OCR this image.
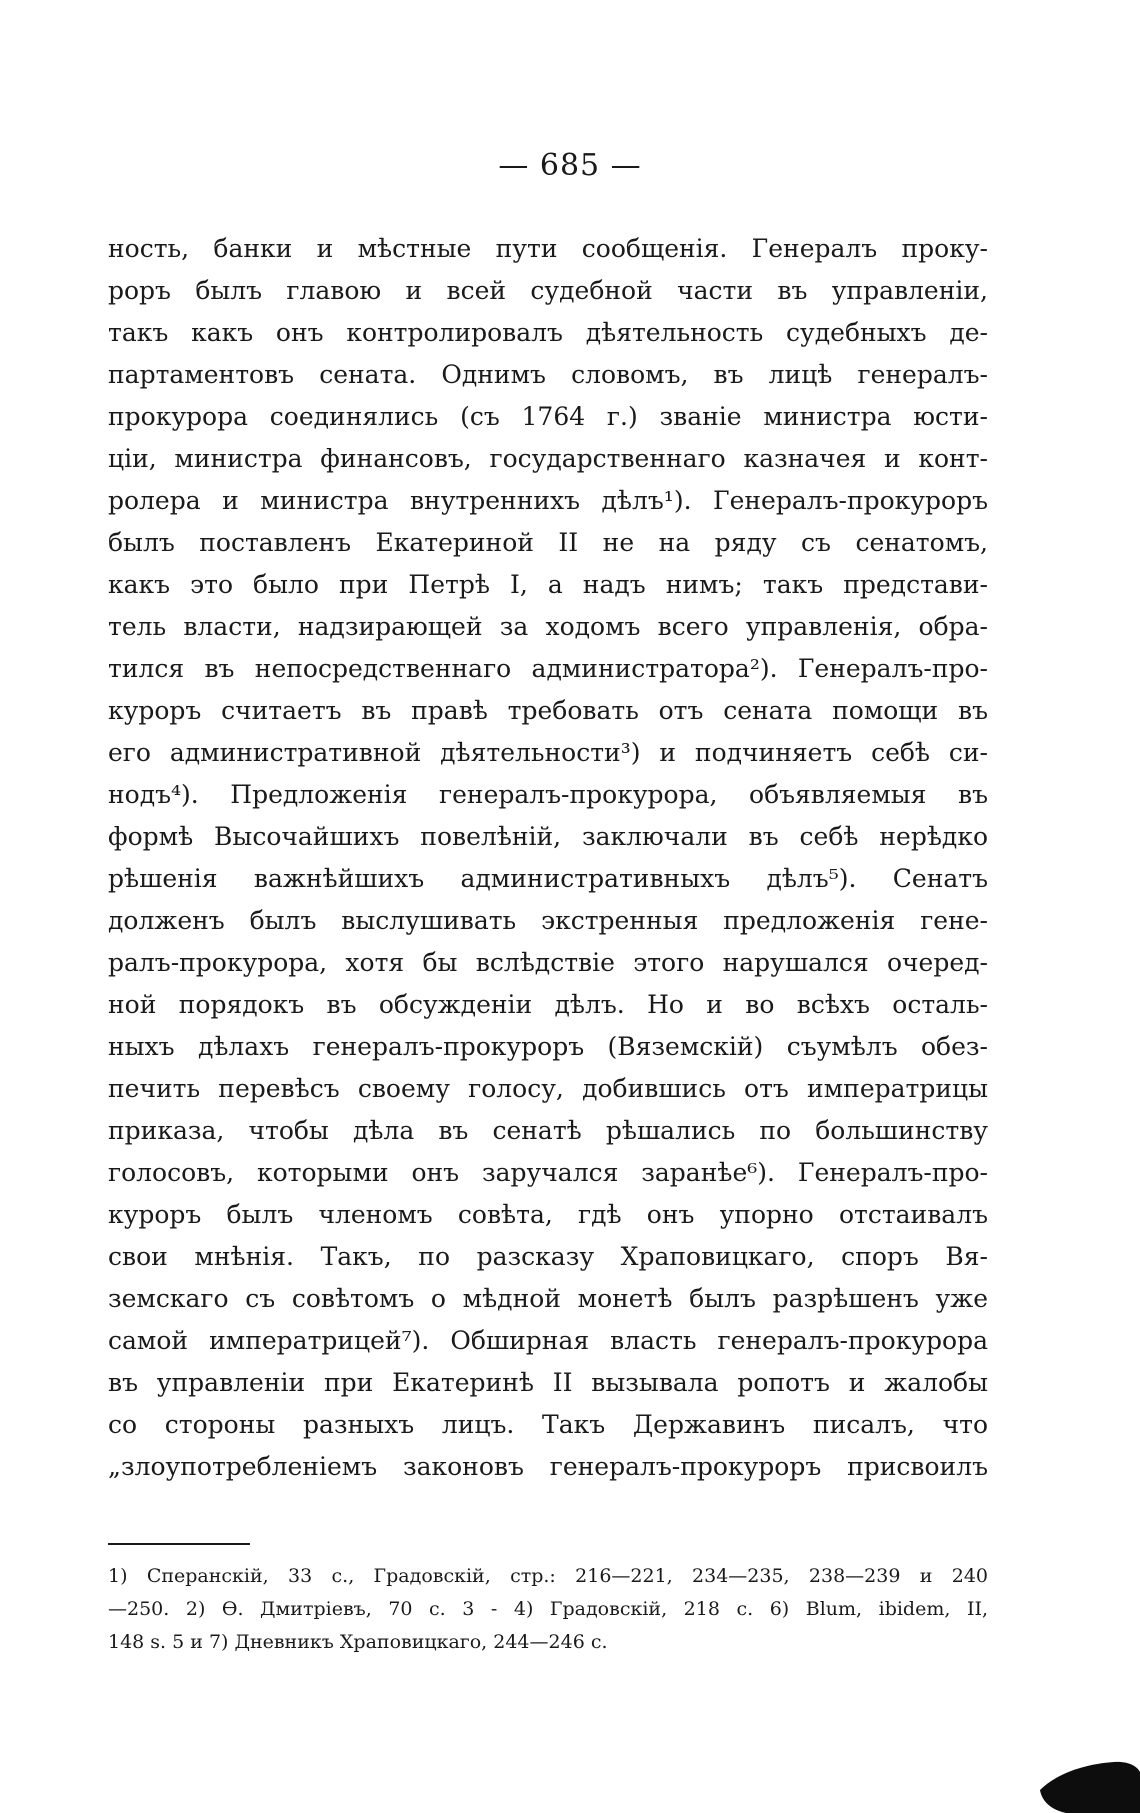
— 685 —
ность, банки и мѣстные пути сообщенія. Генералъ проку-
роръ былъ главою и всей судебной части въ управленіи,
такъ какъ онъ контролировалъ дѣятельность судебныхъ де-
партаментовъ сената. Однимъ словомъ, въ лицѣ генералъ-
прокурора соединялись (съ 1764 г.) званіе министра юсти-
ціи, министра финансовъ, государственнаго казначея и конт-
ролера и министра внутреннихъ дѣлъ¹). Генералъ-прокуроръ
былъ поставленъ Екатериной II не на ряду съ сенатомъ,
какъ это было при Петрѣ I, а надъ нимъ; такъ представи-
тель власти, надзирающей за ходомъ всего управленія, обра-
тился въ непосредственнаго администратора²). Генералъ-про-
куроръ считаетъ въ правѣ требовать отъ сената помощи въ
его административной дѣятельности³) и подчиняетъ себѣ си-
нодъ⁴). Предложенія генералъ-прокурора, объявляемыя въ
формѣ Высочайшихъ повелѣній, заключали въ себѣ нерѣдко
рѣшенія важнѣйшихъ административныхъ дѣлъ⁵). Сенатъ
долженъ былъ выслушивать экстренныя предложенія гене-
ралъ-прокурора, хотя бы вслѣдствіе этого нарушался очеред-
ной порядокъ въ обсужденіи дѣлъ. Но и во всѣхъ осталь-
ныхъ дѣлахъ генералъ-прокуроръ (Вяземскій) съумѣлъ обез-
печить перевѣсъ своему голосу, добившись отъ императрицы
приказа, чтобы дѣла въ сенатѣ рѣшались по большинству
голосовъ, которыми онъ заручался заранѣе⁶). Генералъ-про-
куроръ былъ членомъ совѣта, гдѣ онъ упорно отстаивалъ
свои мнѣнія. Такъ, по разсказу Храповицкаго, споръ Вя-
земскаго съ совѣтомъ о мѣдной монетѣ былъ разрѣшенъ уже
самой императрицей⁷). Обширная власть генералъ-прокурора
въ управленіи при Екатеринѣ II вызывала ропотъ и жалобы
со стороны разныхъ лицъ. Такъ Державинъ писалъ, что
„злоупотребленіемъ законовъ генералъ-прокуроръ присвоилъ
1) Сперанскій, 33 с., Градовскій, стр.: 216—221, 234—235, 238—239 и 240
—250. 2) Ѳ. Дмитріевъ, 70 с. 3 - 4) Градовскій, 218 с. 6) Blum, ibidem, II,
148 s. 5 и 7) Дневникъ Храповицкаго, 244—246 с.
